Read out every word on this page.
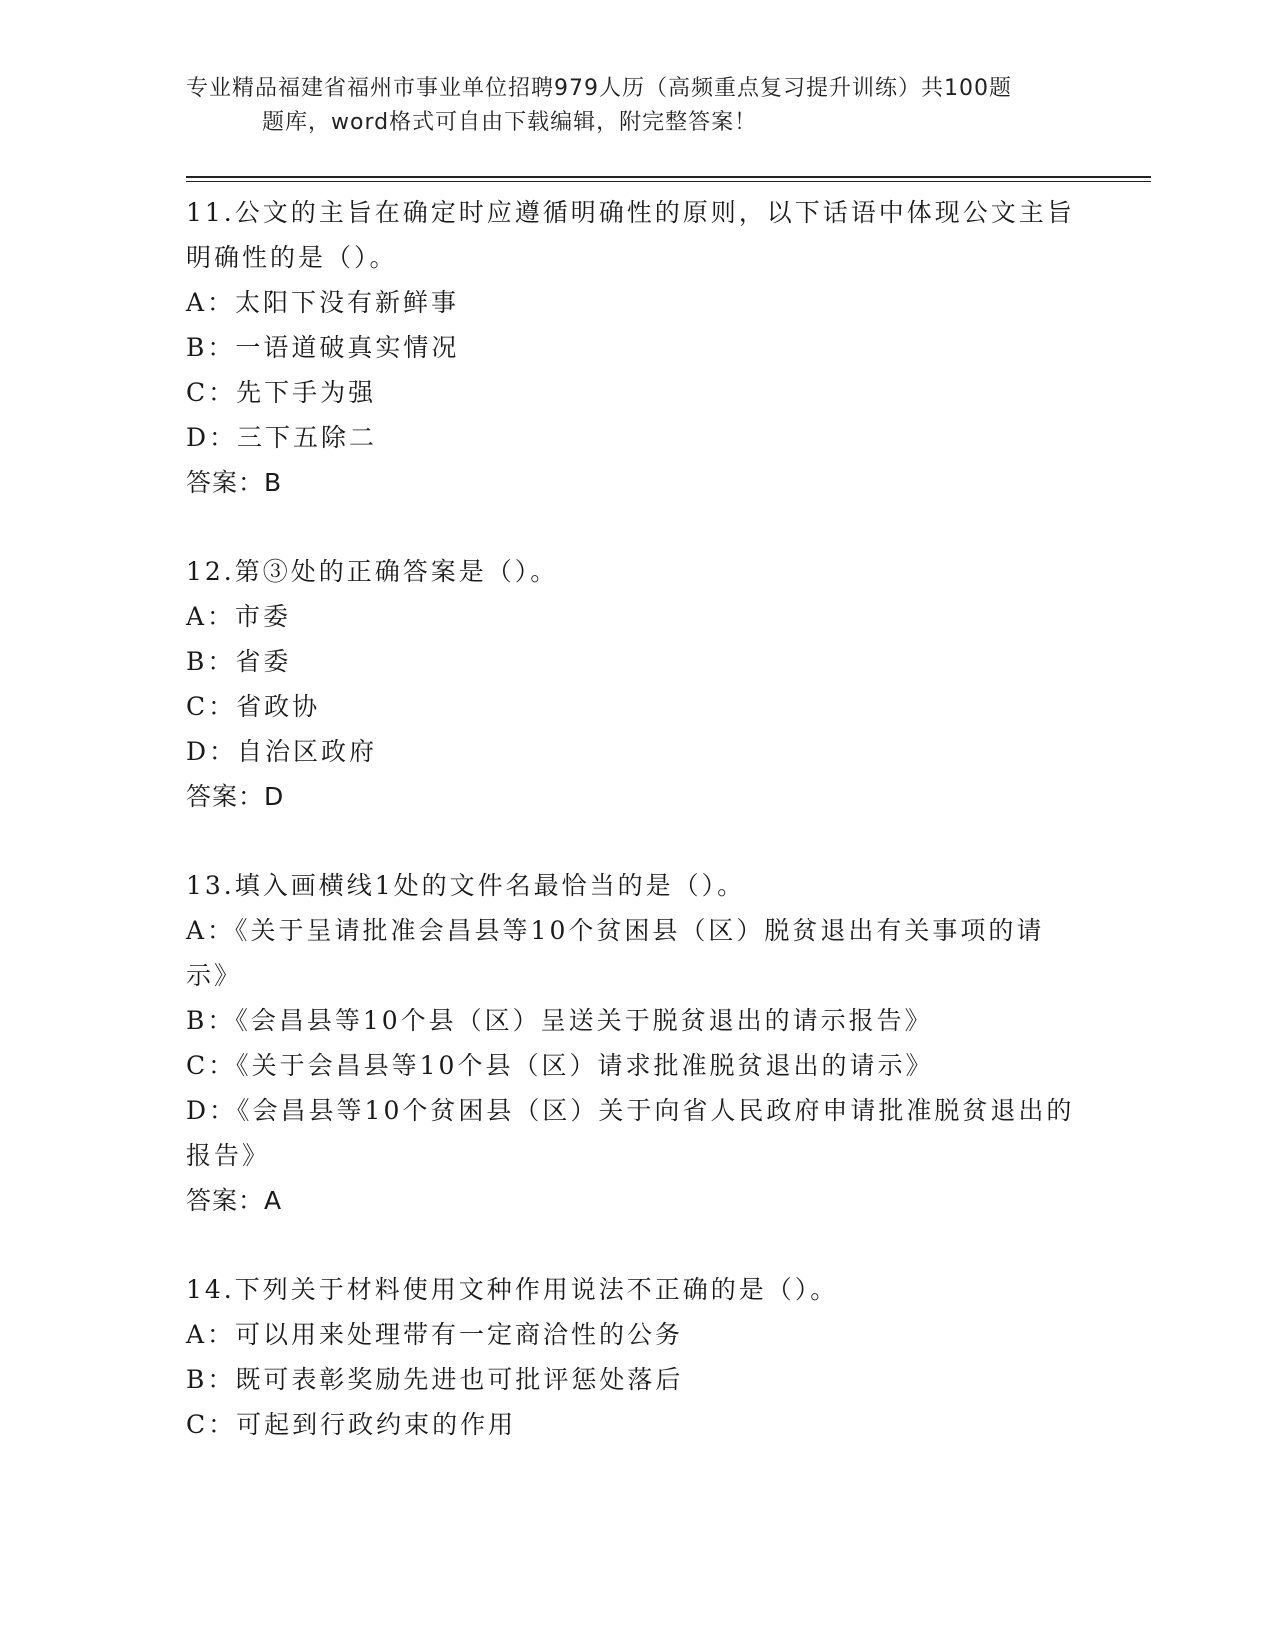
专业精品福建省福州市事业单位招聘979人历（高频重点复习提升训练）共100题
题库，word格式可自由下载编辑，附完整答案！

11.公文的主旨在确定时应遵循明确性的原则，以下话语中体现公文主旨明确性的是（）。

A：太阳下没有新鲜事

B：一语道破真实情况

C：先下手为强

D：三下五除二

答案：B

12.第③处的正确答案是（）。

A：市委

B：省委

C：省政协

D：自治区政府

答案：D

13.填入画横线1处的文件名最恰当的是（）。

A：《关于呈请批准会昌县等10个贫困县（区）脱贫退出有关事项的请示》

B：《会昌县等10个县（区）呈送关于脱贫退出的请示报告》

C：《关于会昌县等10个县（区）请求批准脱贫退出的请示》

D：《会昌县等10个贫困县（区）关于向省人民政府申请批准脱贫退出的报告》

答案：A

14.下列关于材料使用文种作用说法不正确的是（）。

A：可以用来处理带有一定商洽性的公务

B：既可表彰奖励先进也可批评惩处落后

C：可起到行政约束的作用
